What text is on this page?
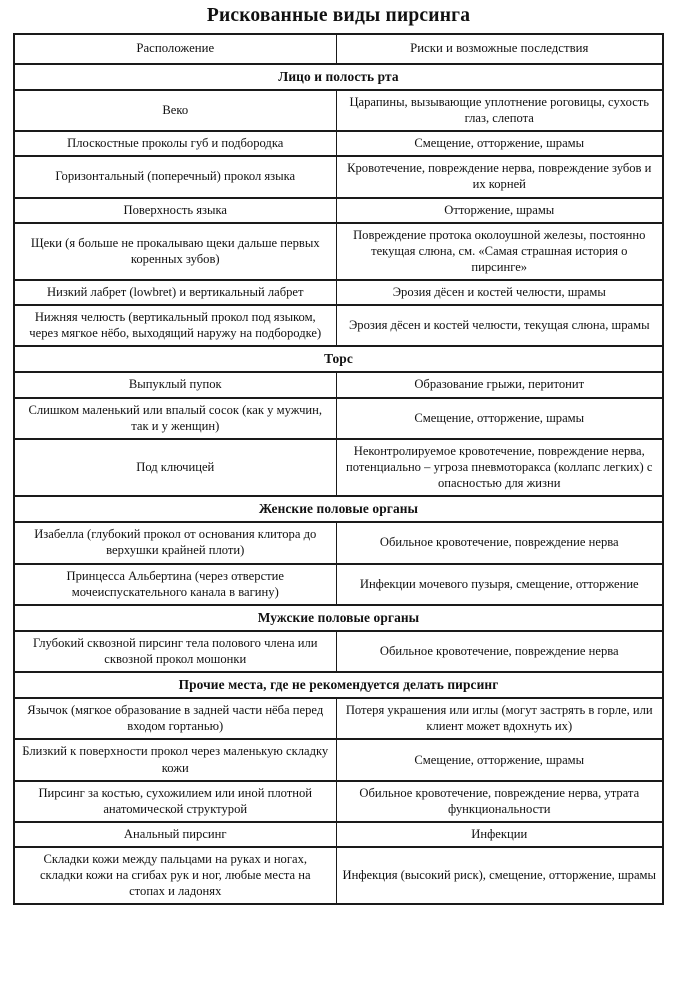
Рискованные виды пирсинга
Расположение	Риски и возможные последствия
Лицо и полость рта	
Веко	Царапины, вызывающие уплотнение роговицы, сухость глаз, слепота
Плоскостные проколы губ и подбородка	Смещение, отторжение, шрамы
Горизонтальный (поперечный) прокол языка	Кровотечение, повреждение нерва, повреждение зубов и их корней
Поверхность языка	Отторжение, шрамы
Щеки (я больше не прокалываю щеки дальше первых коренных зубов)	Повреждение протока околоушной железы, постоянно текущая слюна, см. «Самая страшная история о пирсинге»
Низкий лабрет (lowbret) и вертикальный лабрет	Эрозия дёсен и костей челюсти, шрамы
Нижняя челюсть (вертикальный прокол под языком, через мягкое нёбо, выходящий наружу на подбородке)	Эрозия дёсен и костей челюсти, текущая слюна, шрамы
Торс	
Выпуклый пупок	Образование грыжи, перитонит
Слишком маленький или впалый сосок (как у мужчин, так и у женщин)	Смещение, отторжение, шрамы
Под ключицей	Неконтролируемое кровотечение, повреждение нерва, потенциально – угроза пневмоторакса (коллапс легких) с опасностью для жизни
Женские половые органы	
Изабелла (глубокий прокол от основания клитора до верхушки крайней плоти)	Обильное кровотечение, повреждение нерва
Принцесса Альбертина (через отверстие мочеиспускательного канала в вагину)	Инфекции мочевого пузыря, смещение, отторжение
Мужские половые органы	
Глубокий сквозной пирсинг тела полового члена или сквозной прокол мошонки	Обильное кровотечение, повреждение нерва
Прочие места, где не рекомендуется делать пирсинг	
Язычок (мягкое образование в задней части нёба перед входом гортанью)	Потеря украшения или иглы (могут застрять в горле, или клиент может вдохнуть их)
Близкий к поверхности прокол через маленькую складку кожи	Смещение, отторжение, шрамы
Пирсинг за костью, сухожилием или иной плотной анатомической структурой	Обильное кровотечение, повреждение нерва, утрата функциональности
Анальный пирсинг	Инфекции
Складки кожи между пальцами на руках и ногах, складки кожи на сгибах рук и ног, любые места на стопах и ладонях	Инфекция (высокий риск), смещение, отторжение, шрамы
